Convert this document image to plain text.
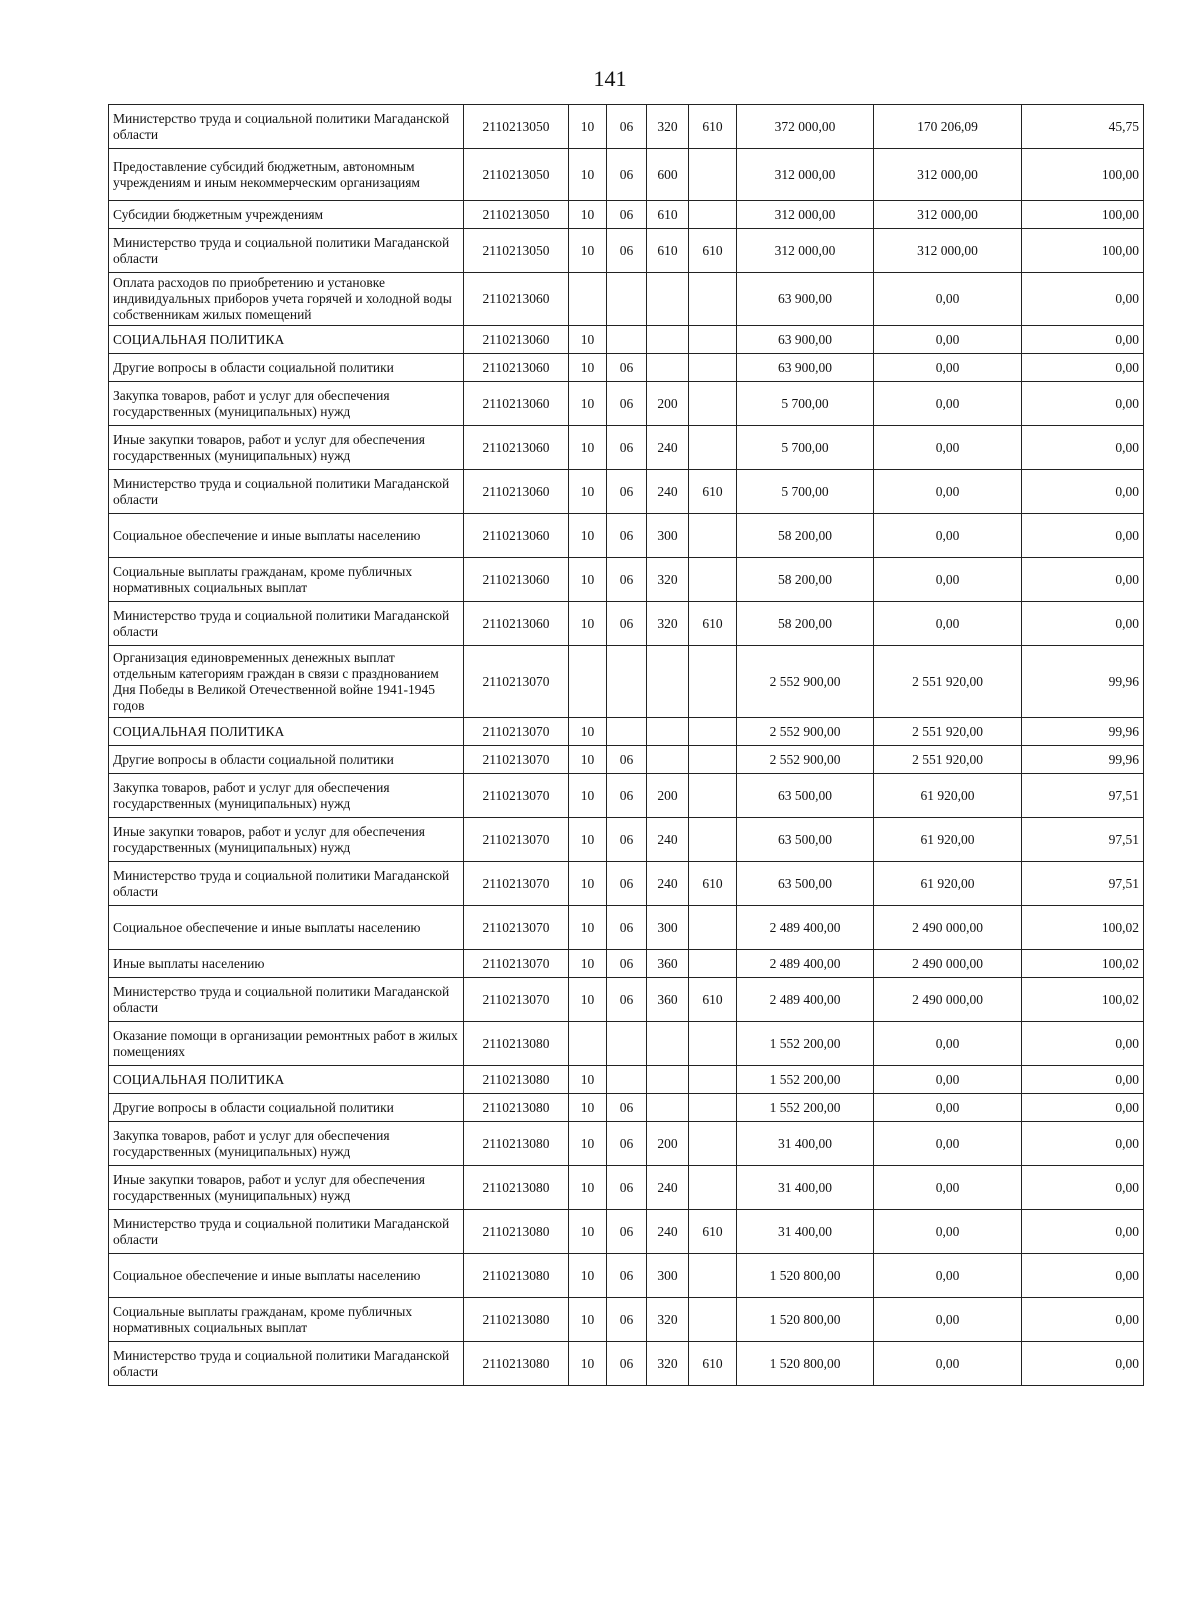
141
Министерство труда и социальной политики Магаданской области	2110213050	10	06	320	610	372 000,00	170 206,09	45,75
Предоставление субсидий бюджетным, автономным учреждениям и иным некоммерческим организациям	2110213050	10	06	600		312 000,00	312 000,00	100,00
Субсидии бюджетным учреждениям	2110213050	10	06	610		312 000,00	312 000,00	100,00
Министерство труда и социальной политики Магаданской области	2110213050	10	06	610	610	312 000,00	312 000,00	100,00
Оплата расходов по приобретению и установке индивидуальных приборов учета горячей и холодной воды собственникам жилых помещений	2110213060					63 900,00	0,00	0,00
СОЦИАЛЬНАЯ ПОЛИТИКА	2110213060	10				63 900,00	0,00	0,00
Другие вопросы в области социальной политики	2110213060	10	06			63 900,00	0,00	0,00
Закупка товаров, работ и услуг для обеспечения государственных (муниципальных) нужд	2110213060	10	06	200		5 700,00	0,00	0,00
Иные закупки товаров, работ и услуг для обеспечения государственных (муниципальных) нужд	2110213060	10	06	240		5 700,00	0,00	0,00
Министерство труда и социальной политики Магаданской области	2110213060	10	06	240	610	5 700,00	0,00	0,00
Социальное обеспечение и иные выплаты населению	2110213060	10	06	300		58 200,00	0,00	0,00
Социальные выплаты гражданам, кроме публичных нормативных социальных выплат	2110213060	10	06	320		58 200,00	0,00	0,00
Министерство труда и социальной политики Магаданской области	2110213060	10	06	320	610	58 200,00	0,00	0,00
Организация единовременных денежных выплат отдельным категориям граждан в связи с празднованием Дня Победы в Великой Отечественной войне 1941-1945 годов	2110213070					2 552 900,00	2 551 920,00	99,96
СОЦИАЛЬНАЯ ПОЛИТИКА	2110213070	10				2 552 900,00	2 551 920,00	99,96
Другие вопросы в области социальной политики	2110213070	10	06			2 552 900,00	2 551 920,00	99,96
Закупка товаров, работ и услуг для обеспечения государственных (муниципальных) нужд	2110213070	10	06	200		63 500,00	61 920,00	97,51
Иные закупки товаров, работ и услуг для обеспечения государственных (муниципальных) нужд	2110213070	10	06	240		63 500,00	61 920,00	97,51
Министерство труда и социальной политики Магаданской области	2110213070	10	06	240	610	63 500,00	61 920,00	97,51
Социальное обеспечение и иные выплаты населению	2110213070	10	06	300		2 489 400,00	2 490 000,00	100,02
Иные выплаты населению	2110213070	10	06	360		2 489 400,00	2 490 000,00	100,02
Министерство труда и социальной политики Магаданской области	2110213070	10	06	360	610	2 489 400,00	2 490 000,00	100,02
Оказание помощи в организации ремонтных работ в жилых помещениях	2110213080					1 552 200,00	0,00	0,00
СОЦИАЛЬНАЯ ПОЛИТИКА	2110213080	10				1 552 200,00	0,00	0,00
Другие вопросы в области социальной политики	2110213080	10	06			1 552 200,00	0,00	0,00
Закупка товаров, работ и услуг для обеспечения государственных (муниципальных) нужд	2110213080	10	06	200		31 400,00	0,00	0,00
Иные закупки товаров, работ и услуг для обеспечения государственных (муниципальных) нужд	2110213080	10	06	240		31 400,00	0,00	0,00
Министерство труда и социальной политики Магаданской области	2110213080	10	06	240	610	31 400,00	0,00	0,00
Социальное обеспечение и иные выплаты населению	2110213080	10	06	300		1 520 800,00	0,00	0,00
Социальные выплаты гражданам, кроме публичных нормативных социальных выплат	2110213080	10	06	320		1 520 800,00	0,00	0,00
Министерство труда и социальной политики Магаданской области	2110213080	10	06	320	610	1 520 800,00	0,00	0,00
